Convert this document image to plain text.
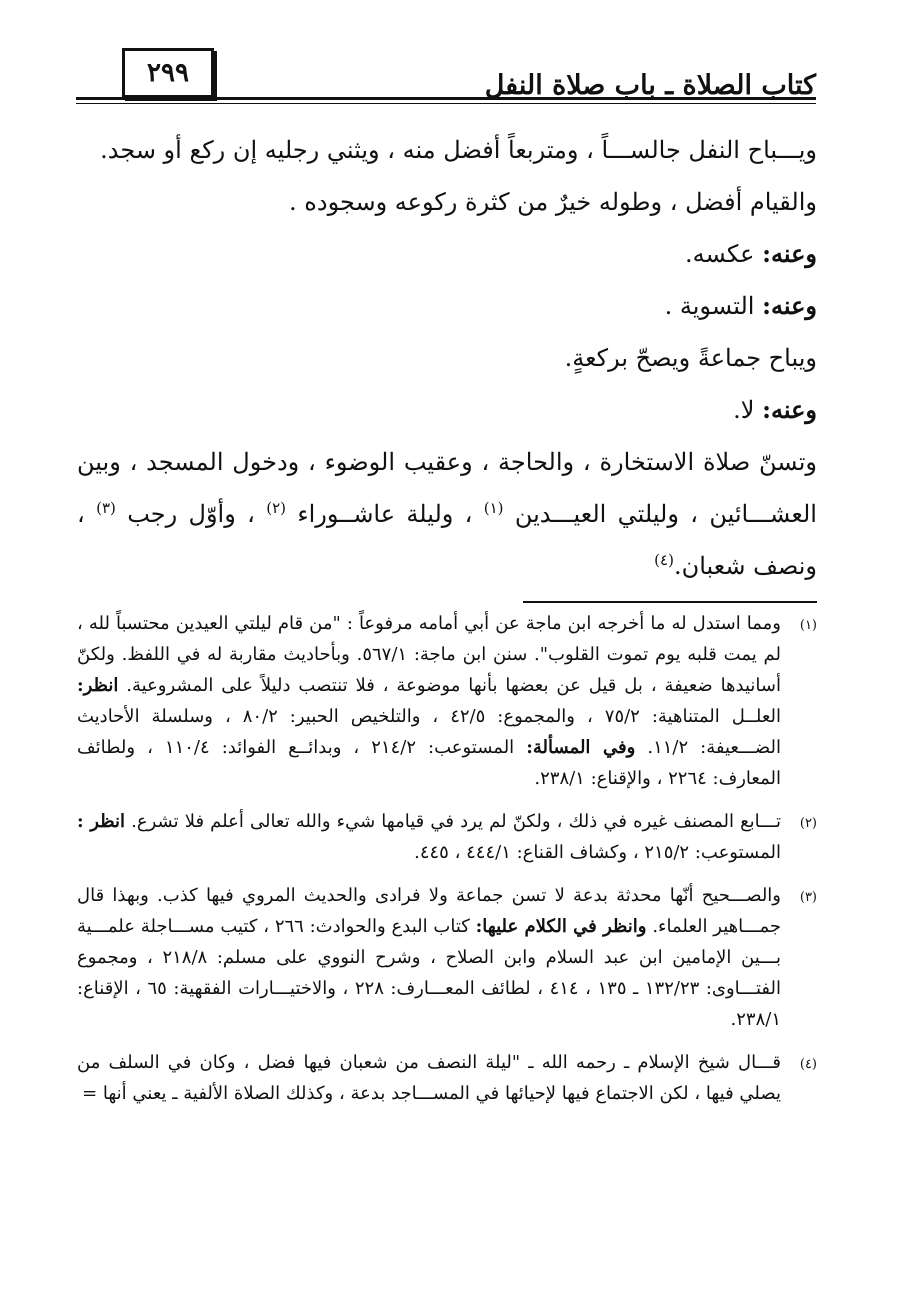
٢٩٩	كتاب الصلاة ـ باب صلاة النفل

ويـــباح النفل جالســـاً ، ومتربعاً أفضل منه ، ويثني رجليه إن ركع أو سجد.

والقيام أفضل ، وطوله خيرٌ من كثرة ركوعه وسجوده .

وعنه: عكسه.

وعنه: التسوية .

ويباح جماعةً ويصحّ بركعةٍ.

وعنه: لا.

وتسنّ صلاة الاستخارة ، والحاجة ، وعقيب الوضوء ، ودخول المسجد ، وبين العشـــائين ، وليلتي العيـــدين $^{(١)}$ ، وليلة عاشــوراء $^{(٢)}$ ، وأوّل رجب $^{(٣)}$ ، ونصف شعبان.$^{(٤)}$

(١)
ومما استدل له ما أخرجه ابن ماجة عن أبي أمامه مرفوعاً : "من قام ليلتي العيدين محتسباً لله ، لم يمت قلبه يوم تموت القلوب". سنن ابن ماجة: ٥٦٧/١. وبأحاديث مقاربة له في اللفظ. ولكنّ أسانيدها ضعيفة ، بل قيل عن بعضها بأنها موضوعة ، فلا تنتصب دليلاً على المشروعية. انظر: العلــل المتناهية: ٧٥/٢ ، والمجموع: ٤٢/٥ ، والتلخيص الحبير: ٨٠/٢ ، وسلسلة الأحاديث الضـــعيفة: ١١/٢. وفي المسألة: المستوعب: ٢١٤/٢ ، وبدائــع الفوائد: ١١٠/٤ ، ولطائف المعارف: ٢٢٦٤ ، والإقناع: ٢٣٨/١.
(٢)
تـــابع المصنف غيره في ذلك ، ولكنّ لم يرد في قيامها شيء والله تعالى أعلم فلا تشرع. انظر : المستوعب: ٢١٥/٢ ، وكشاف القناع: ٤٤٤/١ ، ٤٤٥.
(٣)
والصـــحيح أنّها محدثة بدعة لا تسن جماعة ولا فرادى والحديث المروي فيها كذب. وبهذا قال جمـــاهير العلماء. وانظر في الكلام عليها: كتاب البدع والحوادث: ٢٦٦ ، كتيب مســـاجلة علمـــية بـــين الإمامين ابن عبد السلام وابن الصلاح ، وشرح النووي على مسلم: ٢١٨/٨ ، ومجموع الفتـــاوى: ١٣٢/٢٣ ـ ١٣٥ ، ٤١٤ ، لطائف المعـــارف: ٢٢٨ ، والاختيـــارات الفقهية: ٦٥ ، الإقناع: ٢٣٨/١.
(٤)
قـــال شيخ الإسلام ـ رحمه الله ـ "ليلة النصف من شعبان فيها فضل ، وكان في السلف من يصلي فيها ، لكن الاجتماع فيها لإحيائها في المســـاجد بدعة ، وكذلك الصلاة الألفية ـ يعني أنها =
